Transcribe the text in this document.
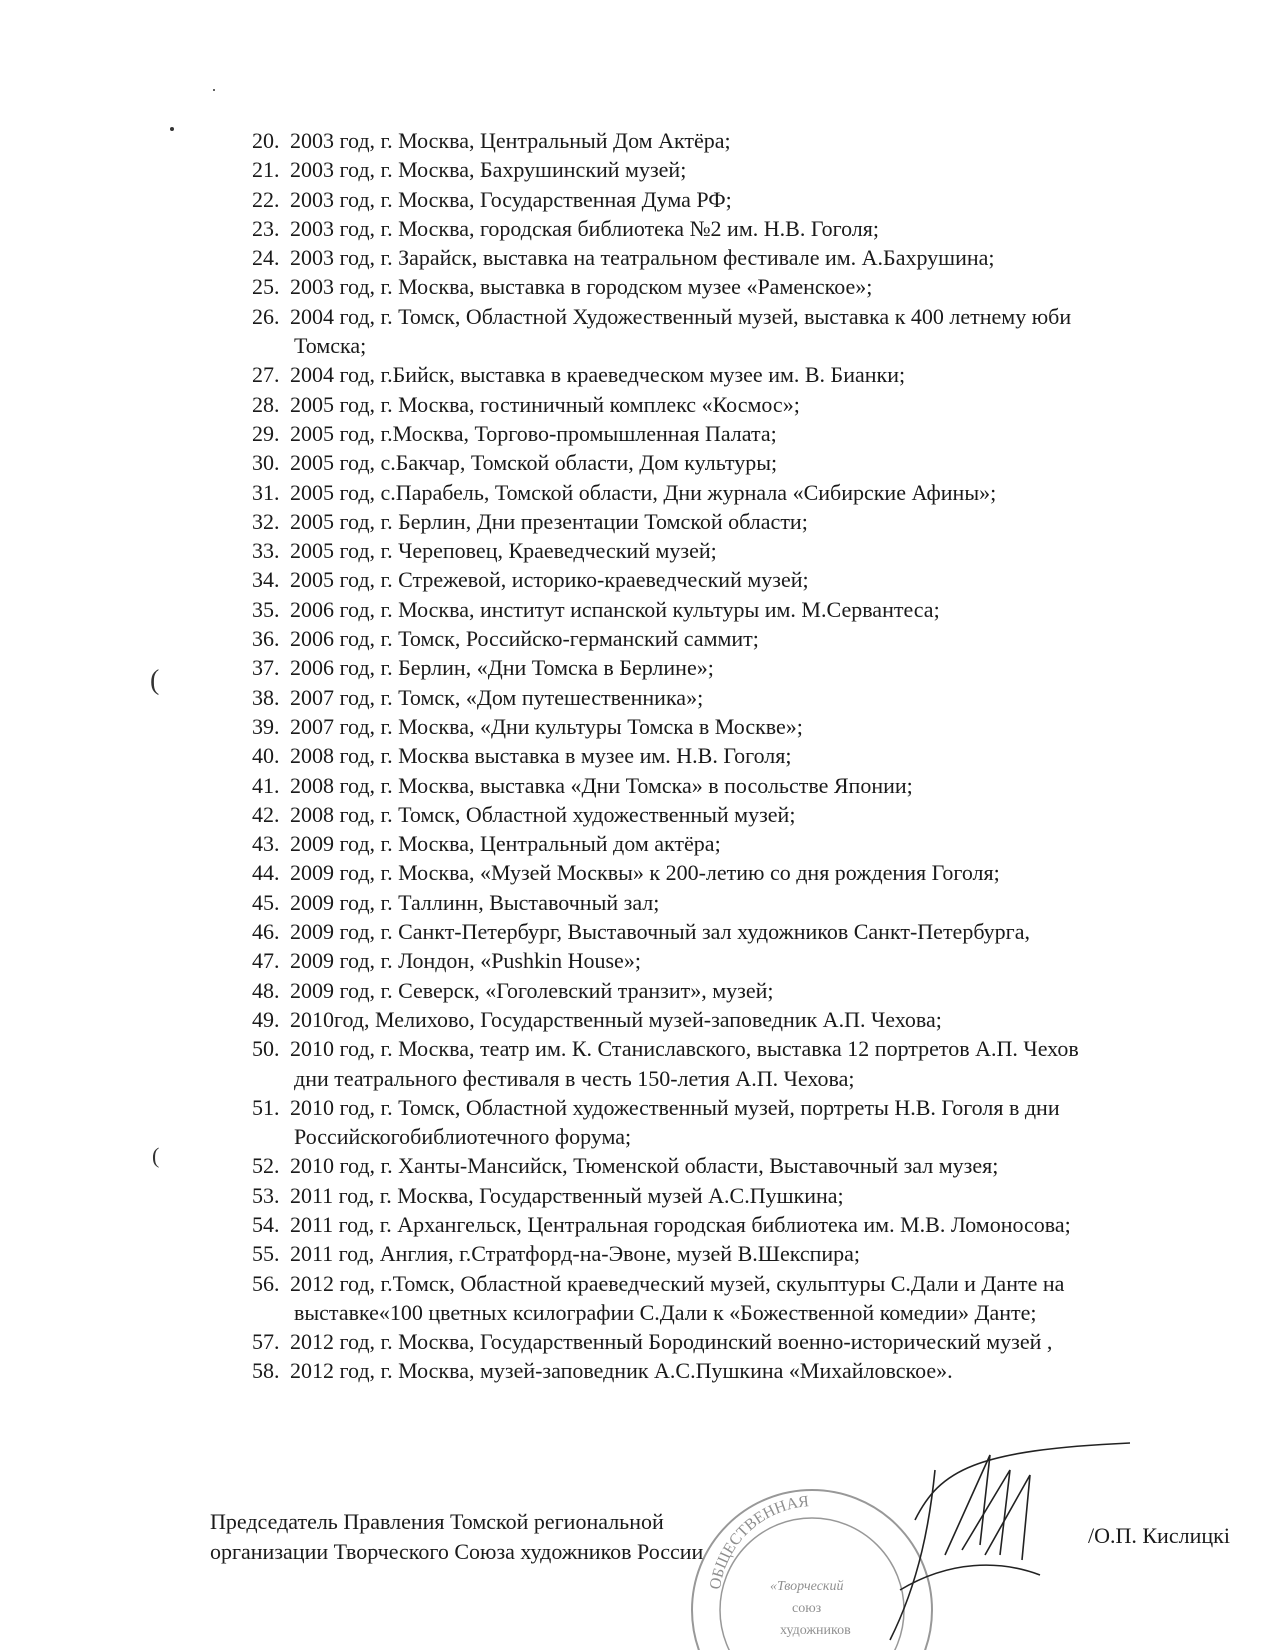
20. 2003 год, г. Москва, Центральный Дом Актёра;
21. 2003 год, г. Москва, Бахрушинский музей;
22. 2003 год, г. Москва, Государственная Дума РФ;
23. 2003 год, г. Москва, городская библиотека №2 им. Н.В. Гоголя;
24. 2003 год, г. Зарайск, выставка на театральном фестивале им. А.Бахрушина;
25. 2003 год, г. Москва, выставка в городском музее «Раменское»;
26. 2004 год, г. Томск, Областной Художественный музей, выставка к 400 летнему юби
Томска;
27. 2004 год, г.Бийск, выставка в краеведческом музее им. В. Бианки;
28. 2005 год, г. Москва, гостиничный комплекс «Космос»;
29. 2005 год, г.Москва, Торгово-промышленная Палата;
30. 2005 год, с.Бакчар, Томской области, Дом культуры;
31. 2005 год, с.Парабель, Томской области, Дни журнала «Сибирские Афины»;
32. 2005 год, г. Берлин, Дни презентации Томской области;
33. 2005 год, г. Череповец, Краеведческий музей;
34. 2005 год, г. Стрежевой, историко-краеведческий музей;
35. 2006 год, г. Москва, институт испанской культуры им. М.Сервантеса;
36. 2006 год, г. Томск, Российско-германский саммит;
37. 2006 год, г. Берлин, «Дни Томска в Берлине»;
38. 2007 год, г. Томск, «Дом путешественника»;
39. 2007 год, г. Москва, «Дни культуры Томска в Москве»;
40. 2008 год, г. Москва выставка в музее им. Н.В. Гоголя;
41. 2008 год, г. Москва, выставка «Дни Томска» в посольстве Японии;
42. 2008 год, г. Томск, Областной художественный музей;
43. 2009 год, г. Москва, Центральный дом актёра;
44. 2009 год, г. Москва, «Музей Москвы» к 200-летию со дня рождения Гоголя;
45. 2009 год, г. Таллинн, Выставочный зал;
46. 2009 год, г. Санкт-Петербург, Выставочный зал художников Санкт-Петербурга,
47. 2009 год, г. Лондон, «Pushkin House»;
48. 2009 год, г. Северск, «Гоголевский транзит», музей;
49. 2010год, Мелихово, Государственный музей-заповедник А.П. Чехова;
50. 2010 год, г. Москва, театр им. К. Станиславского, выставка 12 портретов А.П. Чехов
дни театрального фестиваля в честь 150-летия А.П. Чехова;
51. 2010 год, г. Томск, Областной художественный музей, портреты Н.В. Гоголя в дни
Российскогобиблиотечного форума;
52. 2010 год, г. Ханты-Мансийск, Тюменской области, Выставочный зал музея;
53. 2011 год, г. Москва, Государственный музей А.С.Пушкина;
54. 2011 год, г. Архангельск, Центральная городская библиотека им. М.В. Ломоносова;
55. 2011 год, Англия, г.Стратфорд-на-Эвоне, музей В.Шекспира;
56. 2012 год, г.Томск, Областной краеведческий музей, скульптуры С.Дали и Данте на
выставке«100 цветных ксилографии С.Дали к «Божественной комедии» Данте;
57. 2012 год, г. Москва, Государственный Бородинский военно-исторический музей ,
58. 2012 год, г. Москва, музей-заповедник А.С.Пушкина «Михайловское».
(
(
Председатель Правления Томской региональной
организации Творческого Союза художников России
/О.П. Кислицкі
ОБЩЕСТВЕННАЯ
«Творческий
союз
художников
